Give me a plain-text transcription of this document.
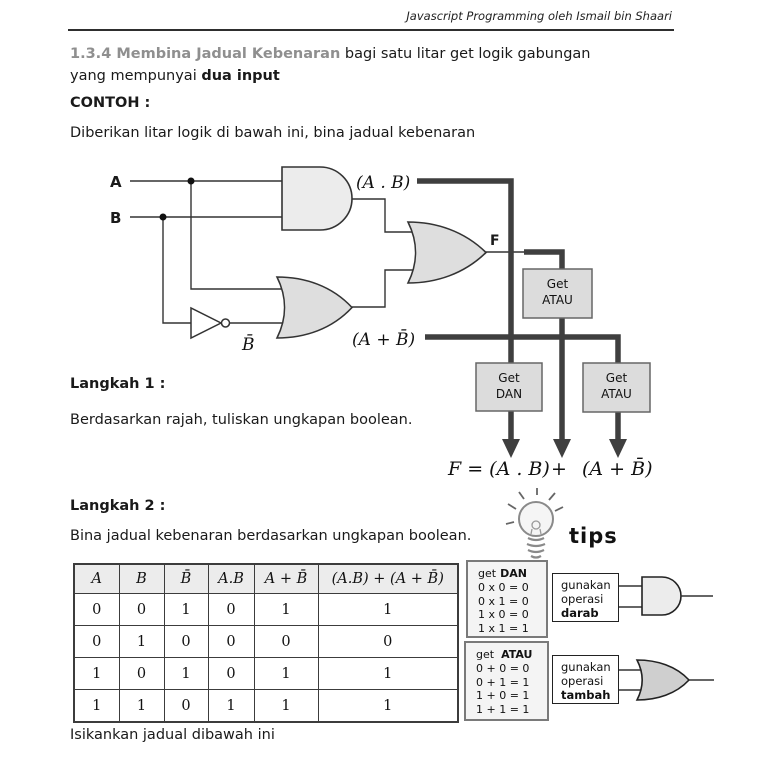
Javascript Programming oleh Ismail bin Shaari
1.3.4 Membina Jadual Kebenaran bagi satu litar get logik gabungan
yang mempunyai dua input
CONTOH :
Diberikan litar logik di bawah ini, bina jadual kebenaran
Get
ATAU
Get
DAN
Get
ATAU
A
B
F
(A . B)
(A + B̄)
B̄
Langkah 1 :
Berdasarkan rajah, tuliskan ungkapan boolean.
F = (A . B) + (A + B̄)
Langkah 2 :
Bina jadual kebenaran berdasarkan ungkapan boolean.	tips
A	B	B̄	A.B	A + B̄	(A.B) + (A + B̄)
0	0	1	0	1	1
0	1	0	0	0	0
1	0	1	0	1	1
1	1	0	1	1	1
get DAN
0 x 0 = 0
0 x 1 = 0
1 x 0 = 0
1 x 1 = 1
gunakan
operasi
darab
get ATAU
0 + 0 = 0
0 + 1 = 1
1 + 0 = 1
1 + 1 = 1
gunakan
operasi
tambah
Isikankan jadual dibawah ini
